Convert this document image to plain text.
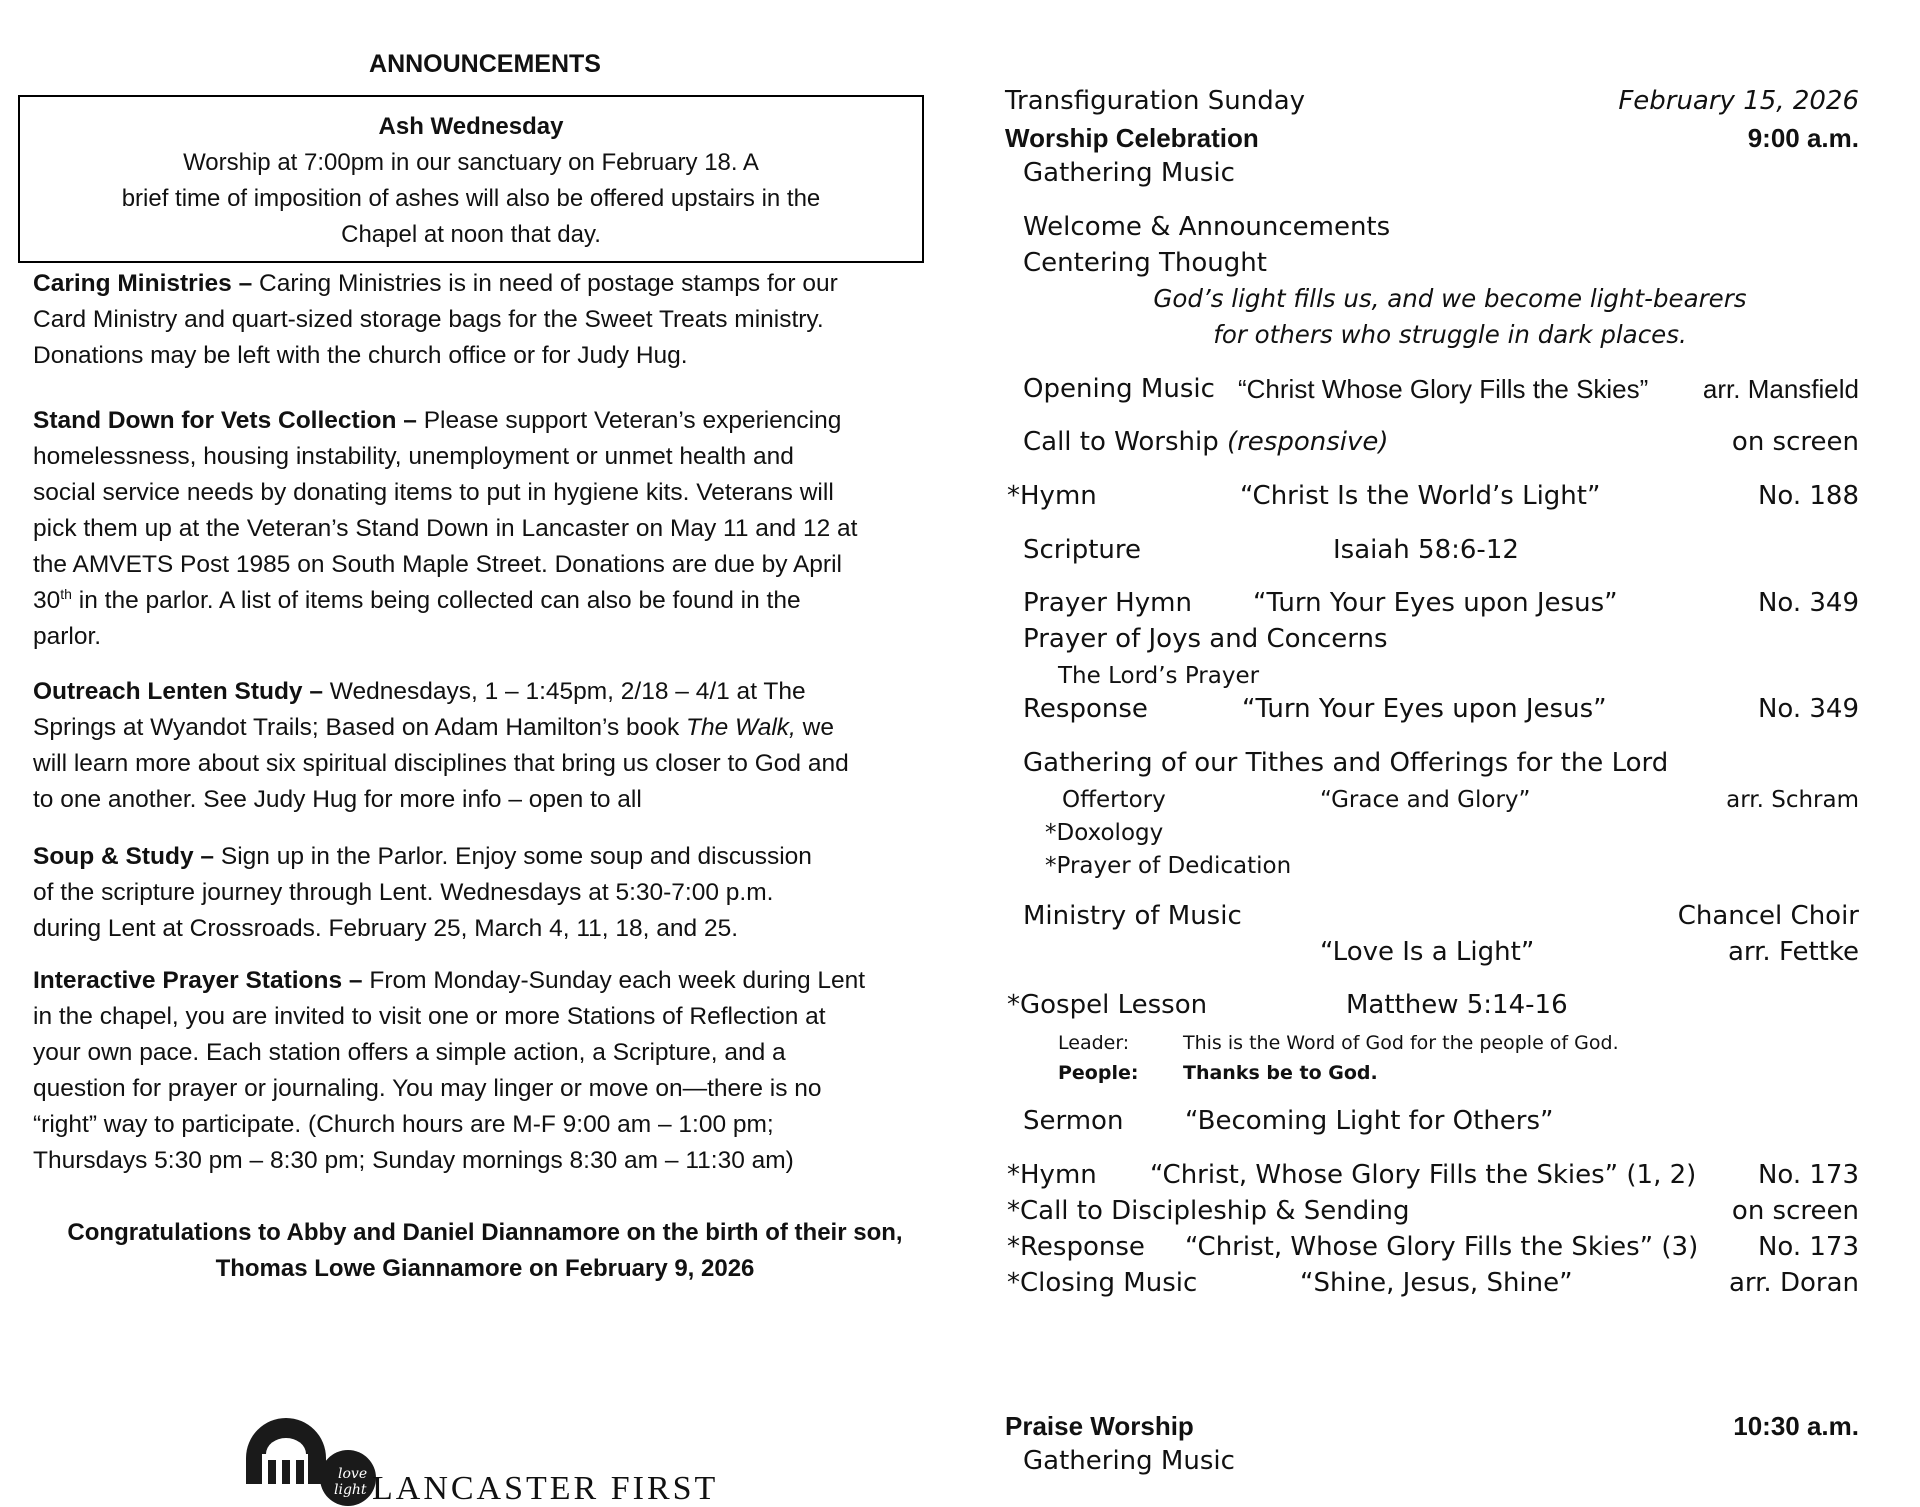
ANNOUNCEMENTS
Ash Wednesday
Worship at 7:00pm in our sanctuary on February 18. A
brief time of imposition of ashes will also be offered upstairs in the
Chapel at noon that day.
Caring Ministries – Caring Ministries is in need of postage stamps for our
Card Ministry and quart-sized storage bags for the Sweet Treats ministry.
Donations may be left with the church office or for Judy Hug.
Stand Down for Vets Collection – Please support Veteran’s experiencing
homelessness, housing instability, unemployment or unmet health and
social service needs by donating items to put in hygiene kits. Veterans will
pick them up at the Veteran’s Stand Down in Lancaster on May 11 and 12 at
the AMVETS Post 1985 on South Maple Street. Donations are due by April
30th in the parlor. A list of items being collected can also be found in the
parlor.
Outreach Lenten Study – Wednesdays, 1 – 1:45pm, 2/18 – 4/1 at The
Springs at Wyandot Trails; Based on Adam Hamilton’s book The Walk, we
will learn more about six spiritual disciplines that bring us closer to God and
to one another. See Judy Hug for more info – open to all
Soup & Study – Sign up in the Parlor. Enjoy some soup and discussion
of the scripture journey through Lent. Wednesdays at 5:30-7:00 p.m.
during Lent at Crossroads. February 25, March 4, 11, 18, and 25.
Interactive Prayer Stations – From Monday-Sunday each week during Lent
in the chapel, you are invited to visit one or more Stations of Reflection at
your own pace. Each station offers a simple action, a Scripture, and a
question for prayer or journaling. You may linger or move on—there is no
“right” way to participate. (Church hours are M-F 9:00 am – 1:00 pm;
Thursdays 5:30 pm – 8:30 pm; Sunday mornings 8:30 am – 11:30 am)
Congratulations to Abby and Daniel Diannamore on the birth of their son,
Thomas Lowe Giannamore on February 9, 2026
love
light LANCASTER FIRST
Transfiguration Sunday	February 15, 2026
Worship Celebration	9:00 a.m.
Gathering Music
Welcome & Announcements
Centering Thought
God’s light fills us, and we become light-bearers
for others who struggle in dark places.
Opening Music “Christ Whose Glory Fills the Skies” arr. Mansfield
Call to Worship (responsive)	on screen
*Hymn	“Christ Is the World’s Light”	No. 188
Scripture	Isaiah 58:6-12
Prayer Hymn “Turn Your Eyes upon Jesus”	No. 349
Prayer of Joys and Concerns
The Lord’s Prayer
Response	“Turn Your Eyes upon Jesus”	No. 349
Gathering of our Tithes and Offerings for the Lord
Offertory	“Grace and Glory”	arr. Schram
*Doxology
*Prayer of Dedication
Ministry of Music	Chancel Choir
“Love Is a Light”	arr. Fettke
*Gospel Lesson	Matthew 5:14-16
Leader:	This is the Word of God for the people of God.
People: Thanks be to God.
Sermon “Becoming Light for Others”
*Hymn “Christ, Whose Glory Fills the Skies” (1, 2) No. 173
*Call to Discipleship & Sending	on screen
*Response “Christ, Whose Glory Fills the Skies” (3) No. 173
*Closing Music	“Shine, Jesus, Shine”	arr. Doran
Praise Worship	10:30 a.m.
Gathering Music
